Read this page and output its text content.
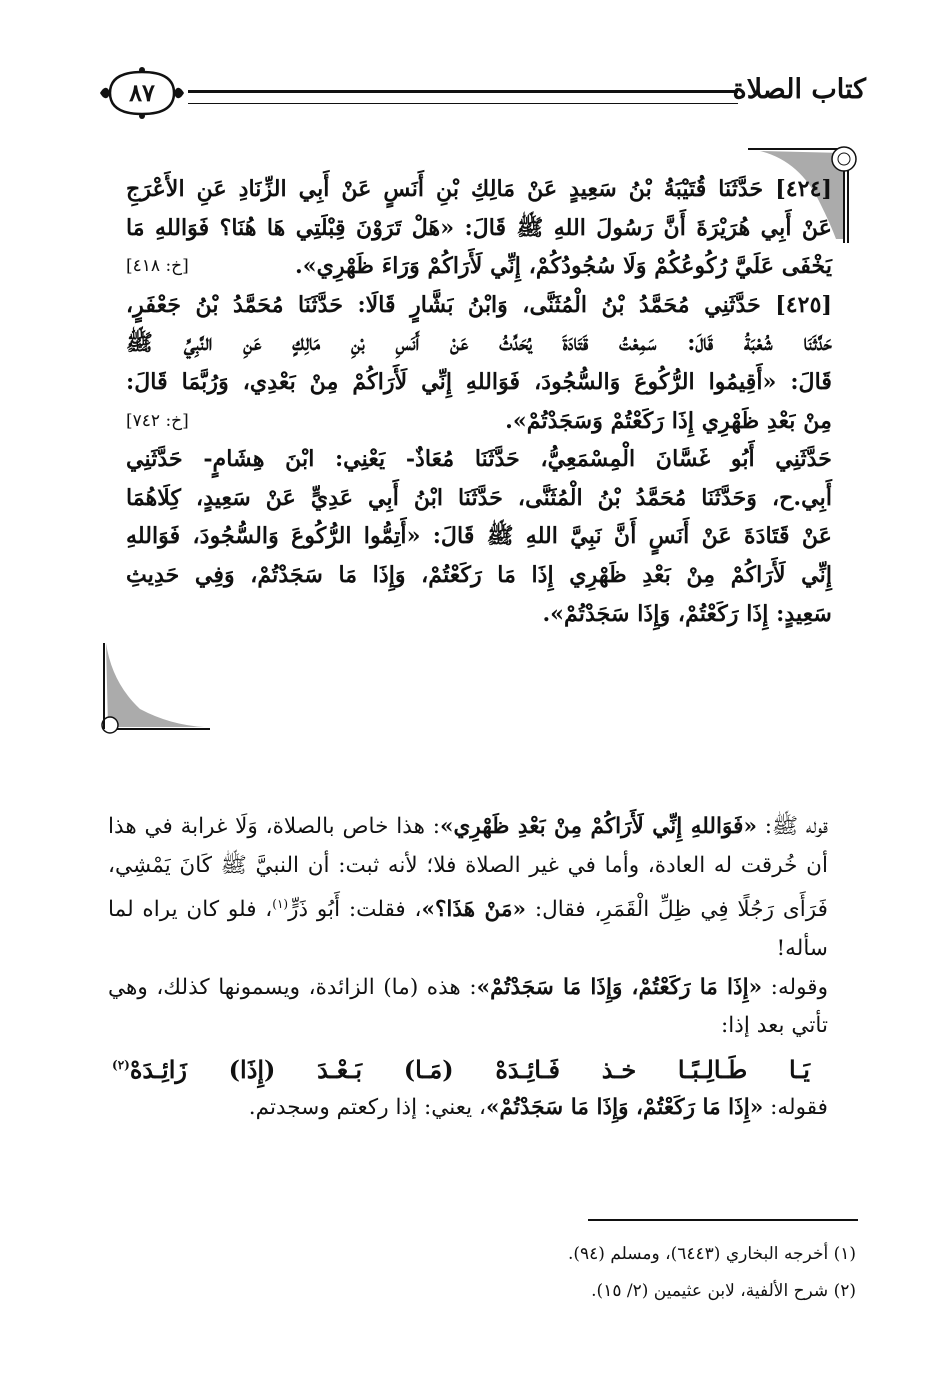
كتاب الصلاة
٨٧

[٤٢٤] حَدَّثَنَا قُتَيْبَةُ بْنُ سَعِيدٍ عَنْ مَالِكِ بْنِ أَنَسٍ عَنْ أَبِي الزِّنَادِ عَنِ الأَعْرَجِ

عَنْ أَبِي هُرَيْرَةَ أَنَّ رَسُولَ اللهِ ﷺ قَالَ: «هَلْ تَرَوْنَ قِبْلَتِي هَا هُنَا؟ فَوَاللهِ مَا

يَخْفَى عَلَيَّ رُكُوعُكُمْ وَلَا سُجُودُكُمْ، إِنِّي لَأَرَاكُمْ وَرَاءَ ظَهْرِي».
[خ: ٤١٨]

[٤٢٥] حَدَّثَنِي مُحَمَّدُ بْنُ الْمُثَنَّى، وَابْنُ بَشَّارٍ قَالَا: حَدَّثَنَا مُحَمَّدُ بْنُ جَعْفَرٍ،

حَدَّثَنَا شُعْبَةُ قَالَ: سَمِعْتُ قَتَادَةَ يُحَدِّثُ عَنْ أَنَسِ بْنِ مَالِكٍ عَنِ النَّبِيِّ ﷺ

قَالَ: «أَقِيمُوا الرُّكُوعَ وَالسُّجُودَ، فَوَاللهِ إِنِّي لَأَرَاكُمْ مِنْ بَعْدِي، وَرُبَّمَا قَالَ:

مِنْ بَعْدِ ظَهْرِي إِذَا رَكَعْتُمْ وَسَجَدْتُمْ».
[خ: ٧٤٢]

حَدَّثَنِي أَبُو غَسَّانَ الْمِسْمَعِيُّ، حَدَّثَنَا مُعَاذٌ- يَعْنِي: ابْنَ هِشَامٍ- حَدَّثَنِي

أَبِي.ح، وَحَدَّثَنَا مُحَمَّدُ بْنُ الْمُثَنَّى، حَدَّثَنَا ابْنُ أَبِي عَدِيٍّ عَنْ سَعِيدٍ، كِلَاهُمَا

عَنْ قَتَادَةَ عَنْ أَنَسٍ أَنَّ نَبِيَّ اللهِ ﷺ قَالَ: «أَتِمُّوا الرُّكُوعَ وَالسُّجُودَ، فَوَاللهِ

إِنِّي لَأَرَاكُمْ مِنْ بَعْدِ ظَهْرِي إِذَا مَا رَكَعْتُمْ، وَإِذَا مَا سَجَدْتُمْ، وَفِي حَدِيثِ

سَعِيدٍ: إِذَا رَكَعْتُمْ، وَإِذَا سَجَدْتُمْ».

قوله ﷺ: «فَوَاللهِ إِنِّي لَأَرَاكُمْ مِنْ بَعْدِ ظَهْرِي»: هذا خاص بالصلاة، وَلَا غرابة في هذا أن خُرقت له العادة، وأما في غير الصلاة فلا؛ لأنه ثبت: أن النبيَّ ﷺ كَانَ يَمْشِي، فَرَأَى رَجُلًا فِي ظِلِّ الْقَمَرِ، فقال: «مَنْ هَذَا؟»، فقلت: أَبُو ذَرٍّ$^{(١)}$، فلو كان يراه لما سأله!

وقوله: «إِذَا مَا رَكَعْتُمْ، وَإِذَا مَا سَجَدْتُمْ»: هذه (ما) الزائدة، ويسمونها كذلك، وهي تأتي بعد إذا:

يَـا طَـالِـبًـا خـذ فَـائِـدَهْ (مَـا) بَـعْـدَ (إِذَا) زَائِـدَهْ$^{(٢)}$

فقوله: «إِذَا مَا رَكَعْتُمْ، وَإِذَا مَا سَجَدْتُمْ»، يعني: إذا ركعتم وسجدتم.

(١) أخرجه البخاري (٦٤٤٣)، ومسلم (٩٤).

(٢) شرح الألفية، لابن عثيمين (٢/ ١٥).
